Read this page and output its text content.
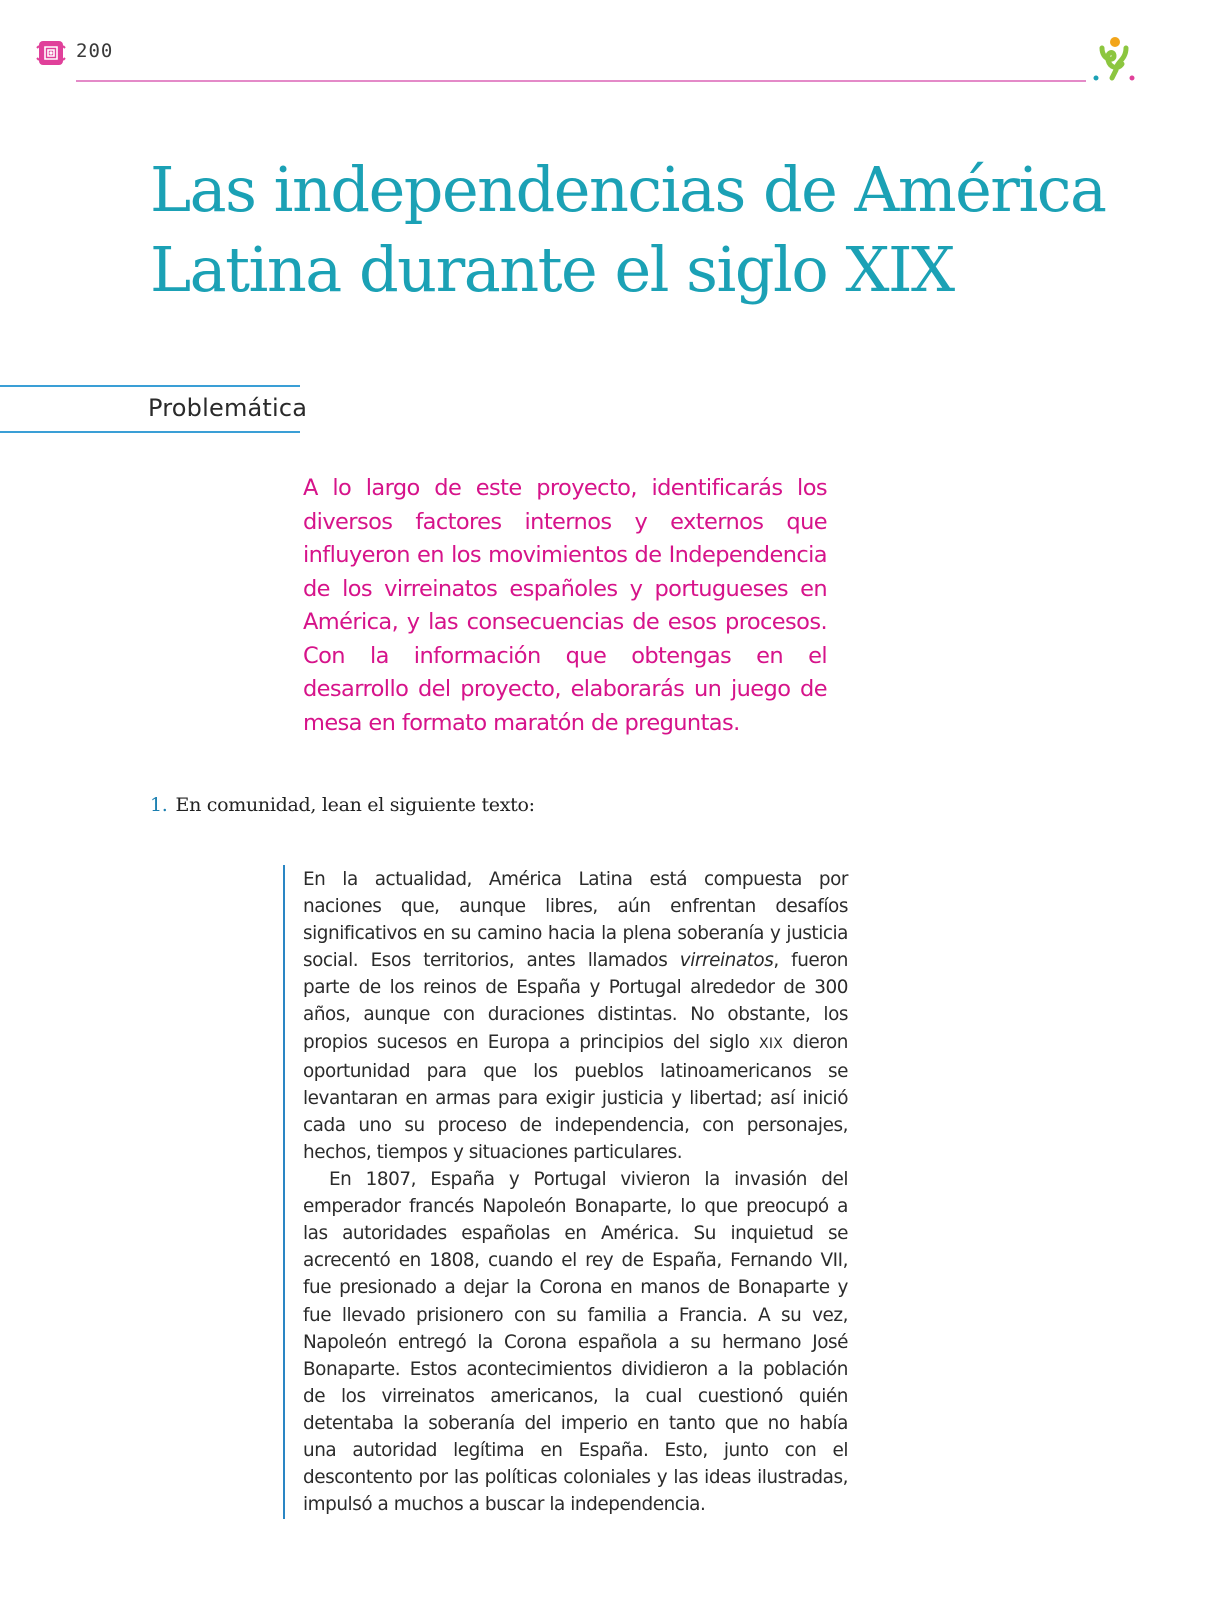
200
Las independencias de América
Latina durante el siglo XIX
Problemática

A lo largo de este proyecto, identificarás los diversos factores internos y externos que influyeron en los movimientos de Independencia de los virreinatos españoles y portugueses en América, y las consecuencias de esos procesos. Con la información que obtengas en el desarrollo del proyecto, elaborarás un juego de mesa en formato maratón de preguntas.

1. En comunidad, lean el siguiente texto:

En la actualidad, América Latina está compuesta por naciones que, aunque libres, aún enfrentan desafíos significativos en su camino hacia la plena soberanía y justicia social. Esos territorios, antes llamados virreinatos, fueron parte de los reinos de España y Portugal alrededor de 300 años, aunque con duraciones distintas. No obstante, los propios sucesos en Europa a principios del siglo XIX dieron oportunidad para que los pueblos latinoamericanos se levantaran en armas para exigir justicia y libertad; así inició cada uno su proceso de independencia, con personajes, hechos, tiempos y situaciones particulares.

En 1807, España y Portugal vivieron la invasión del emperador francés Napoleón Bonaparte, lo que preocupó a las autoridades españolas en América. Su inquietud se acrecentó en 1808, cuando el rey de España, Fernando VII, fue presionado a dejar la Corona en manos de Bonaparte y fue llevado prisionero con su familia a Francia. A su vez, Napoleón entregó la Corona española a su hermano José Bonaparte. Estos acontecimientos dividieron a la población de los virreinatos americanos, la cual cuestionó quién detentaba la soberanía del imperio en tanto que no había una autoridad legítima en España. Esto, junto con el descontento por las políticas coloniales y las ideas ilustradas, impulsó a muchos a buscar la independencia.
